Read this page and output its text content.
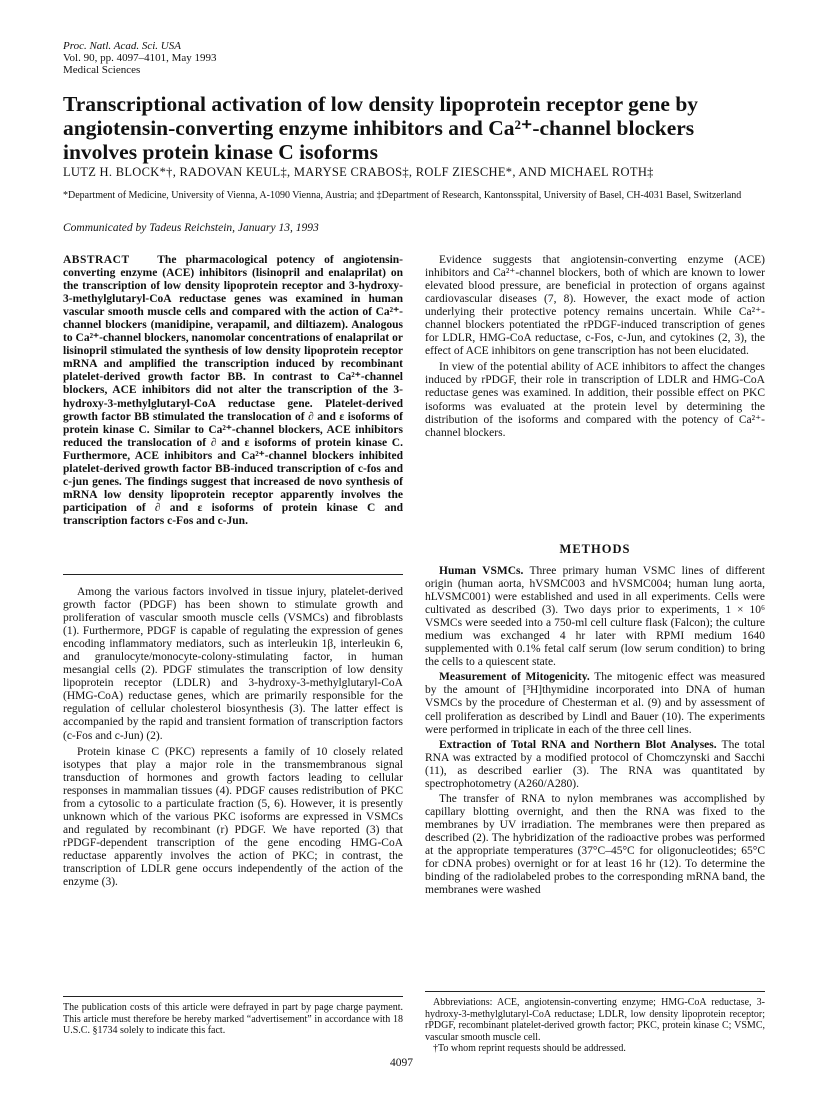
Proc. Natl. Acad. Sci. USA
Vol. 90, pp. 4097–4101, May 1993
Medical Sciences
Transcriptional activation of low density lipoprotein receptor gene by angiotensin-converting enzyme inhibitors and Ca²⁺-channel blockers involves protein kinase C isoforms
LUTZ H. BLOCK*†, RADOVAN KEUL‡, MARYSE CRABOS‡, ROLF ZIESCHE*, AND MICHAEL ROTH‡
*Department of Medicine, University of Vienna, A-1090 Vienna, Austria; and ‡Department of Research, Kantonsspital, University of Basel, CH-4031 Basel, Switzerland
Communicated by Tadeus Reichstein, January 13, 1993

ABSTRACT The pharmacological potency of angiotensin-converting enzyme (ACE) inhibitors (lisinopril and enalaprilat) on the transcription of low density lipoprotein receptor and 3-hydroxy-3-methylglutaryl-CoA reductase genes was examined in human vascular smooth muscle cells and compared with the action of Ca²⁺-channel blockers (manidipine, verapamil, and diltiazem). Analogous to Ca²⁺-channel blockers, nanomolar concentrations of enalaprilat or lisinopril stimulated the synthesis of low density lipoprotein receptor mRNA and amplified the transcription induced by recombinant platelet-derived growth factor BB. In contrast to Ca²⁺-channel blockers, ACE inhibitors did not alter the transcription of the 3-hydroxy-3-methylglutaryl-CoA reductase gene. Platelet-derived growth factor BB stimulated the translocation of ∂ and ε isoforms of protein kinase C. Similar to Ca²⁺-channel blockers, ACE inhibitors reduced the translocation of ∂ and ε isoforms of protein kinase C. Furthermore, ACE inhibitors and Ca²⁺-channel blockers inhibited platelet-derived growth factor BB-induced transcription of c-fos and c-jun genes. The findings suggest that increased de novo synthesis of mRNA low density lipoprotein receptor apparently involves the participation of ∂ and ε isoforms of protein kinase C and transcription factors c-Fos and c-Jun.

Among the various factors involved in tissue injury, platelet-derived growth factor (PDGF) has been shown to stimulate growth and proliferation of vascular smooth muscle cells (VSMCs) and fibroblasts (1). Furthermore, PDGF is capable of regulating the expression of genes encoding inflammatory mediators, such as interleukin 1β, interleukin 6, and granulocyte/monocyte-colony-stimulating factor, in human mesangial cells (2). PDGF stimulates the transcription of low density lipoprotein receptor (LDLR) and 3-hydroxy-3-methylglutaryl-CoA (HMG-CoA) reductase genes, which are primarily responsible for the regulation of cellular cholesterol biosynthesis (3). The latter effect is accompanied by the rapid and transient formation of transcription factors (c-Fos and c-Jun) (2).

Protein kinase C (PKC) represents a family of 10 closely related isotypes that play a major role in the transmembranous signal transduction of hormones and growth factors leading to cellular responses in mammalian tissues (4). PDGF causes redistribution of PKC from a cytosolic to a particulate fraction (5, 6). However, it is presently unknown which of the various PKC isoforms are expressed in VSMCs and regulated by recombinant (r) PDGF. We have reported (3) that rPDGF-dependent transcription of the gene encoding HMG-CoA reductase apparently involves the action of PKC; in contrast, the transcription of LDLR gene occurs independently of the action of the enzyme (3).

The publication costs of this article were defrayed in part by page charge payment. This article must therefore be hereby marked “advertisement” in accordance with 18 U.S.C. §1734 solely to indicate this fact.

Evidence suggests that angiotensin-converting enzyme (ACE) inhibitors and Ca²⁺-channel blockers, both of which are known to lower elevated blood pressure, are beneficial in protection of organs against cardiovascular diseases (7, 8). However, the exact mode of action underlying their protective potency remains uncertain. While Ca²⁺-channel blockers potentiated the rPDGF-induced transcription of genes for LDLR, HMG-CoA reductase, c-Fos, c-Jun, and cytokines (2, 3), the effect of ACE inhibitors on gene transcription has not been elucidated.

In view of the potential ability of ACE inhibitors to affect the changes induced by rPDGF, their role in transcription of LDLR and HMG-CoA reductase genes was examined. In addition, their possible effect on PKC isoforms was evaluated at the protein level by determining the distribution of the isoforms and compared with the potency of Ca²⁺-channel blockers.

METHODS

Human VSMCs. Three primary human VSMC lines of different origin (human aorta, hVSMC003 and hVSMC004; human lung aorta, hLVSMC001) were established and used in all experiments. Cells were cultivated as described (3). Two days prior to experiments, 1 × 10⁶ VSMCs were seeded into a 750-ml cell culture flask (Falcon); the culture medium was exchanged 4 hr later with RPMI medium 1640 supplemented with 0.1% fetal calf serum (low serum condition) to bring the cells to a quiescent state.

Measurement of Mitogenicity. The mitogenic effect was measured by the amount of [³H]thymidine incorporated into DNA of human VSMCs by the procedure of Chesterman et al. (9) and by assessment of cell proliferation as described by Lindl and Bauer (10). The experiments were performed in triplicate in each of the three cell lines.

Extraction of Total RNA and Northern Blot Analyses. The total RNA was extracted by a modified protocol of Chomczynski and Sacchi (11), as described earlier (3). The RNA was quantitated by spectrophotometry (A260/A280).

The transfer of RNA to nylon membranes was accomplished by capillary blotting overnight, and then the RNA was fixed to the membranes by UV irradiation. The membranes were then prepared as described (2). The hybridization of the radioactive probes was performed at the appropriate temperatures (37°C–45°C for oligonucleotides; 65°C for cDNA probes) overnight or for at least 16 hr (12). To determine the binding of the radiolabeled probes to the corresponding mRNA band, the membranes were washed

Abbreviations: ACE, angiotensin-converting enzyme; HMG-CoA reductase, 3-hydroxy-3-methylglutaryl-CoA reductase; LDLR, low density lipoprotein receptor; rPDGF, recombinant platelet-derived growth factor; PKC, protein kinase C; VSMC, vascular smooth muscle cell.

†To whom reprint requests should be addressed.

4097
